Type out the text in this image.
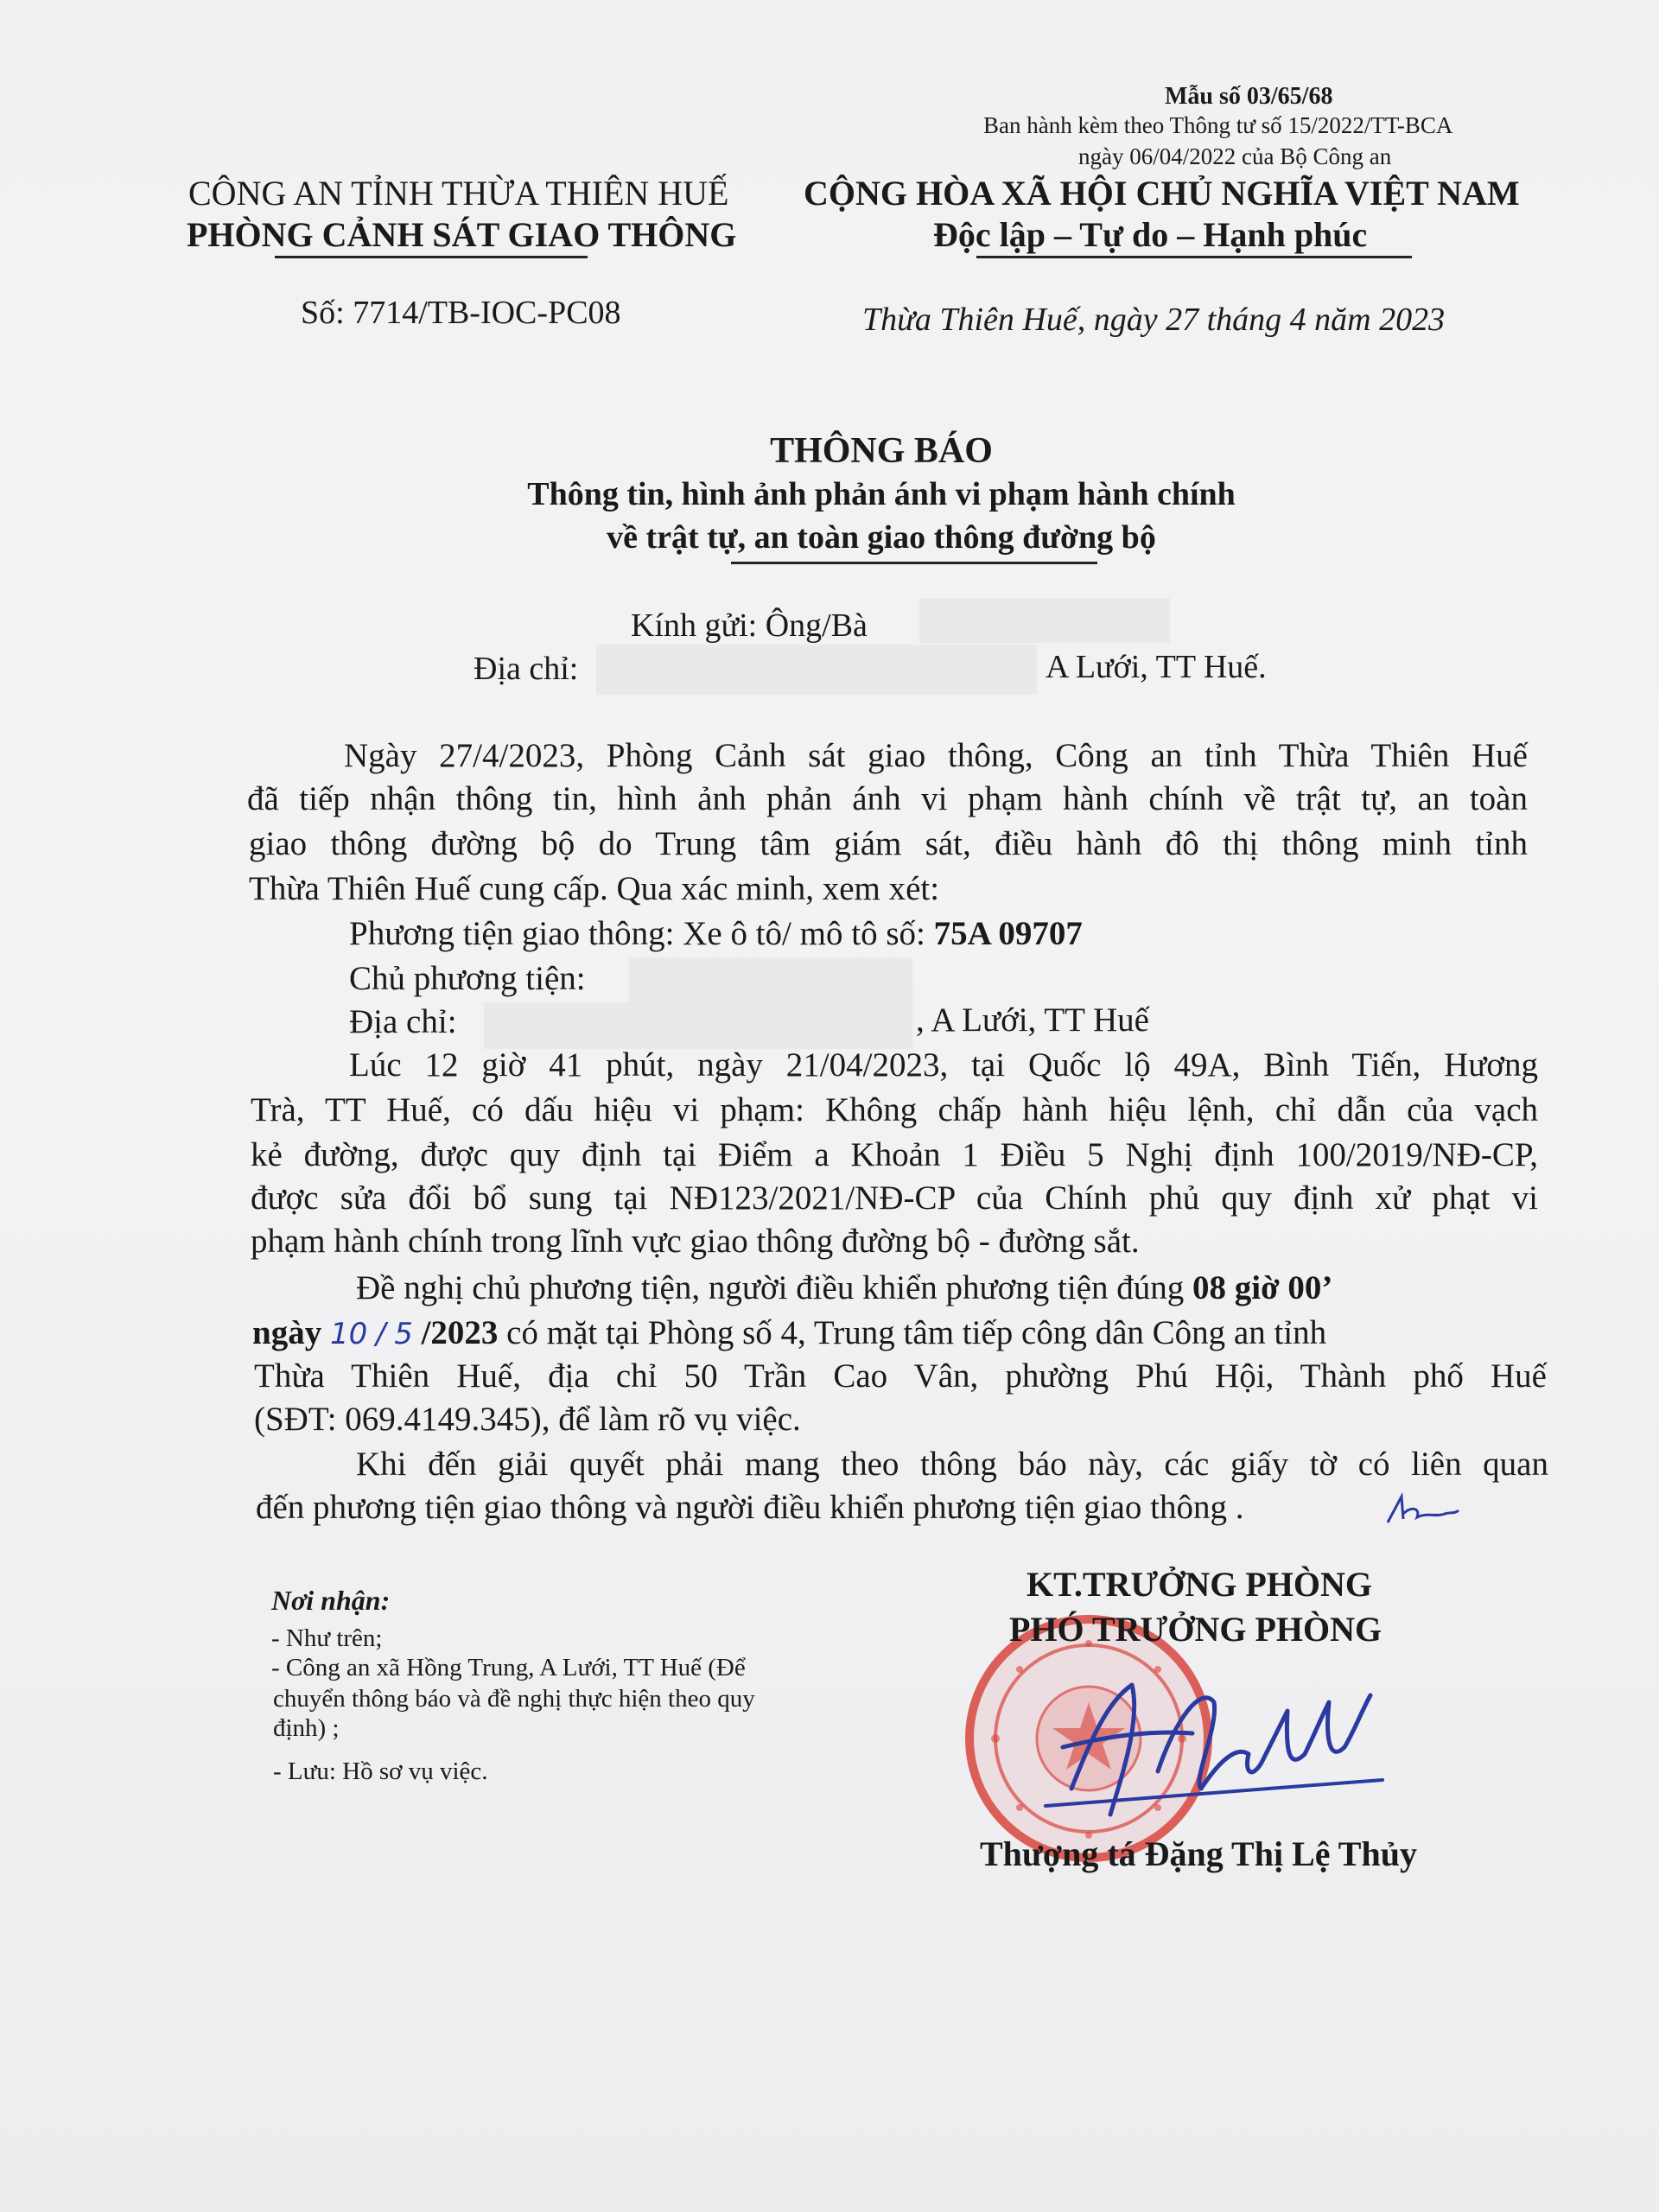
Mẫu số 03/65/68
Ban hành kèm theo Thông tư số 15/2022/TT-BCA
ngày 06/04/2022 của Bộ Công an
CÔNG AN TỈNH THỪA THIÊN HUẾ
PHÒNG CẢNH SÁT GIAO THÔNG
CỘNG HÒA XÃ HỘI CHỦ NGHĨA VIỆT NAM
Độc lập – Tự do – Hạnh phúc
Số: 7714/TB-IOC-PC08	Thừa Thiên Huế, ngày 27 tháng 4 năm 2023
THÔNG BÁO
Thông tin, hình ảnh phản ánh vi phạm hành chính
về trật tự, an toàn giao thông đường bộ
Kính gửi: Ông/Bà
Địa chỉ:	A Lưới, TT Huế.
Ngày 27/4/2023, Phòng Cảnh sát giao thông, Công an tỉnh Thừa Thiên Huế
đã tiếp nhận thông tin, hình ảnh phản ánh vi phạm hành chính về trật tự, an toàn
giao thông đường bộ do Trung tâm giám sát, điều hành đô thị thông minh tỉnh
Thừa Thiên Huế cung cấp. Qua xác minh, xem xét:
Phương tiện giao thông: Xe ô tô/ mô tô số: 75A 09707
Chủ phương tiện:
Địa chỉ:	, A Lưới, TT Huế
Lúc 12 giờ 41 phút, ngày 21/04/2023, tại Quốc lộ 49A, Bình Tiến, Hương
Trà, TT Huế, có dấu hiệu vi phạm: Không chấp hành hiệu lệnh, chỉ dẫn của vạch
kẻ đường, được quy định tại Điểm a Khoản 1 Điều 5 Nghị định 100/2019/NĐ-CP,
được sửa đổi bổ sung tại NĐ123/2021/NĐ-CP của Chính phủ quy định xử phạt vi
phạm hành chính trong lĩnh vực giao thông đường bộ - đường sắt.
Đề nghị chủ phương tiện, người điều khiển phương tiện đúng 08 giờ 00’
ngày 10 / 5 /2023 có mặt tại Phòng số 4, Trung tâm tiếp công dân Công an tỉnh
Thừa Thiên Huế, địa chỉ 50 Trần Cao Vân, phường Phú Hội, Thành phố Huế
(SĐT: 069.4149.345), để làm rõ vụ việc.
Khi đến giải quyết phải mang theo thông báo này, các giấy tờ có liên quan
đến phương tiện giao thông và người điều khiển phương tiện giao thông .
Nơi nhận:
- Như trên;
- Công an xã Hồng Trung, A Lưới, TT Huế (Để
chuyển thông báo và đề nghị thực hiện theo quy
định) ;
- Lưu: Hồ sơ vụ việc.
KT.TRƯỞNG PHÒNG
PHÓ TRƯỞNG PHÒNG
Thượng tá Đặng Thị Lệ Thủy
